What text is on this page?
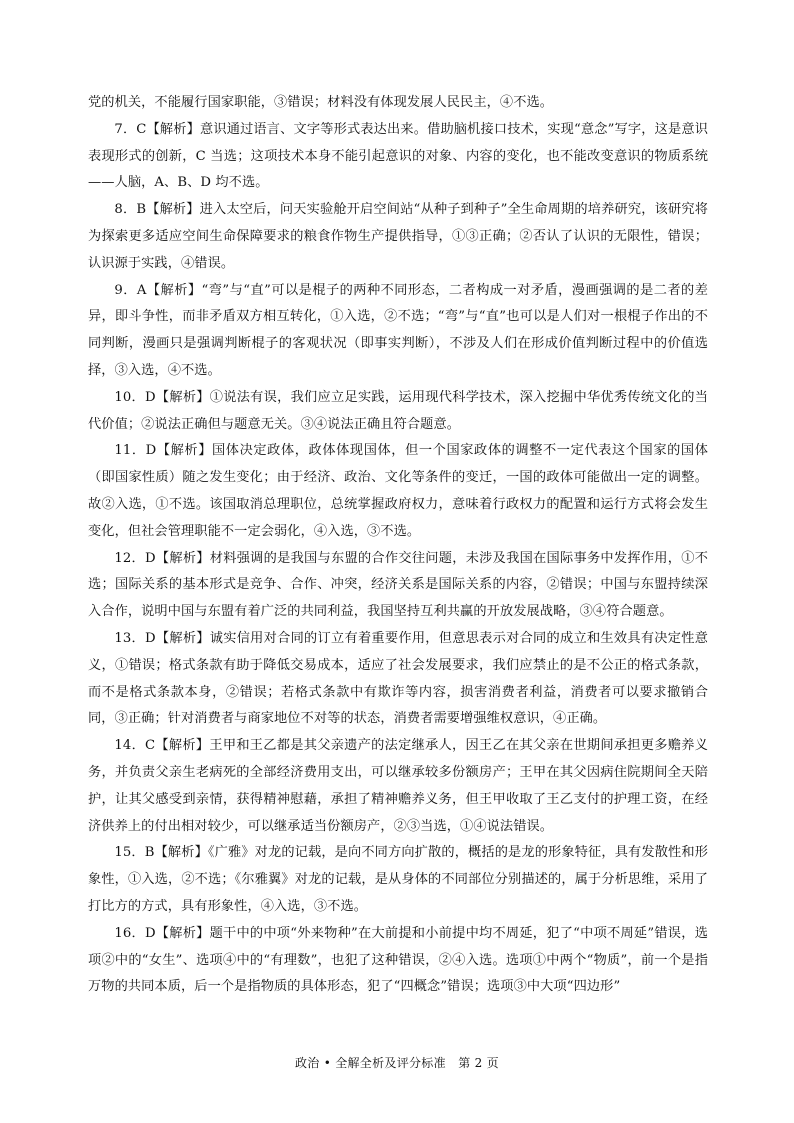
党的机关，不能履行国家职能，③错误；材料没有体现发展人民民主，④不选。

7．C【解析】意识通过语言、文字等形式表达出来。借助脑机接口技术，实现“意念”写字，这是意识表现形式的创新，C 当选；这项技术本身不能引起意识的对象、内容的变化，也不能改变意识的物质系统——人脑，A、B、D 均不选。

8．B【解析】进入太空后，问天实验舱开启空间站“从种子到种子”全生命周期的培养研究，该研究将为探索更多适应空间生命保障要求的粮食作物生产提供指导，①③正确；②否认了认识的无限性，错误；认识源于实践，④错误。

9．A【解析】“弯”与“直”可以是棍子的两种不同形态，二者构成一对矛盾，漫画强调的是二者的差异，即斗争性，而非矛盾双方相互转化，①入选，②不选；“弯”与“直”也可以是人们对一根棍子作出的不同判断，漫画只是强调判断棍子的客观状况（即事实判断），不涉及人们在形成价值判断过程中的价值选择，③入选，④不选。

10．D【解析】①说法有误，我们应立足实践，运用现代科学技术，深入挖掘中华优秀传统文化的当代价值；②说法正确但与题意无关。③④说法正确且符合题意。

11．D【解析】国体决定政体，政体体现国体，但一个国家政体的调整不一定代表这个国家的国体（即国家性质）随之发生变化；由于经济、政治、文化等条件的变迁，一国的政体可能做出一定的调整。故②入选，①不选。该国取消总理职位，总统掌握政府权力，意味着行政权力的配置和运行方式将会发生变化，但社会管理职能不一定会弱化，④入选，③不选。

12．D【解析】材料强调的是我国与东盟的合作交往问题，未涉及我国在国际事务中发挥作用，①不选；国际关系的基本形式是竞争、合作、冲突，经济关系是国际关系的内容，②错误；中国与东盟持续深入合作，说明中国与东盟有着广泛的共同利益，我国坚持互利共赢的开放发展战略，③④符合题意。

13．D【解析】诚实信用对合同的订立有着重要作用，但意思表示对合同的成立和生效具有决定性意义，①错误；格式条款有助于降低交易成本，适应了社会发展要求，我们应禁止的是不公正的格式条款，而不是格式条款本身，②错误；若格式条款中有欺诈等内容，损害消费者利益，消费者可以要求撤销合同，③正确；针对消费者与商家地位不对等的状态，消费者需要增强维权意识，④正确。

14．C【解析】王甲和王乙都是其父亲遗产的法定继承人，因王乙在其父亲在世期间承担更多赡养义务，并负责父亲生老病死的全部经济费用支出，可以继承较多份额房产；王甲在其父因病住院期间全天陪护，让其父感受到亲情，获得精神慰藉，承担了精神赡养义务，但王甲收取了王乙支付的护理工资，在经济供养上的付出相对较少，可以继承适当份额房产，②③当选，①④说法错误。

15．B【解析】《广雅》对龙的记载，是向不同方向扩散的，概括的是龙的形象特征，具有发散性和形象性，①入选，②不选；《尔雅翼》对龙的记载，是从身体的不同部位分别描述的，属于分析思维，采用了打比方的方式，具有形象性，④入选，③不选。

16．D【解析】题干中的中项“外来物种”在大前提和小前提中均不周延，犯了“中项不周延”错误，选项②中的“女生”、选项④中的“有理数”，也犯了这种错误，②④入选。选项①中两个“物质”，前一个是指万物的共同本质，后一个是指物质的具体形态，犯了“四概念”错误；选项③中大项“四边形”

政治 • 全解全析及评分标准　第 2 页
